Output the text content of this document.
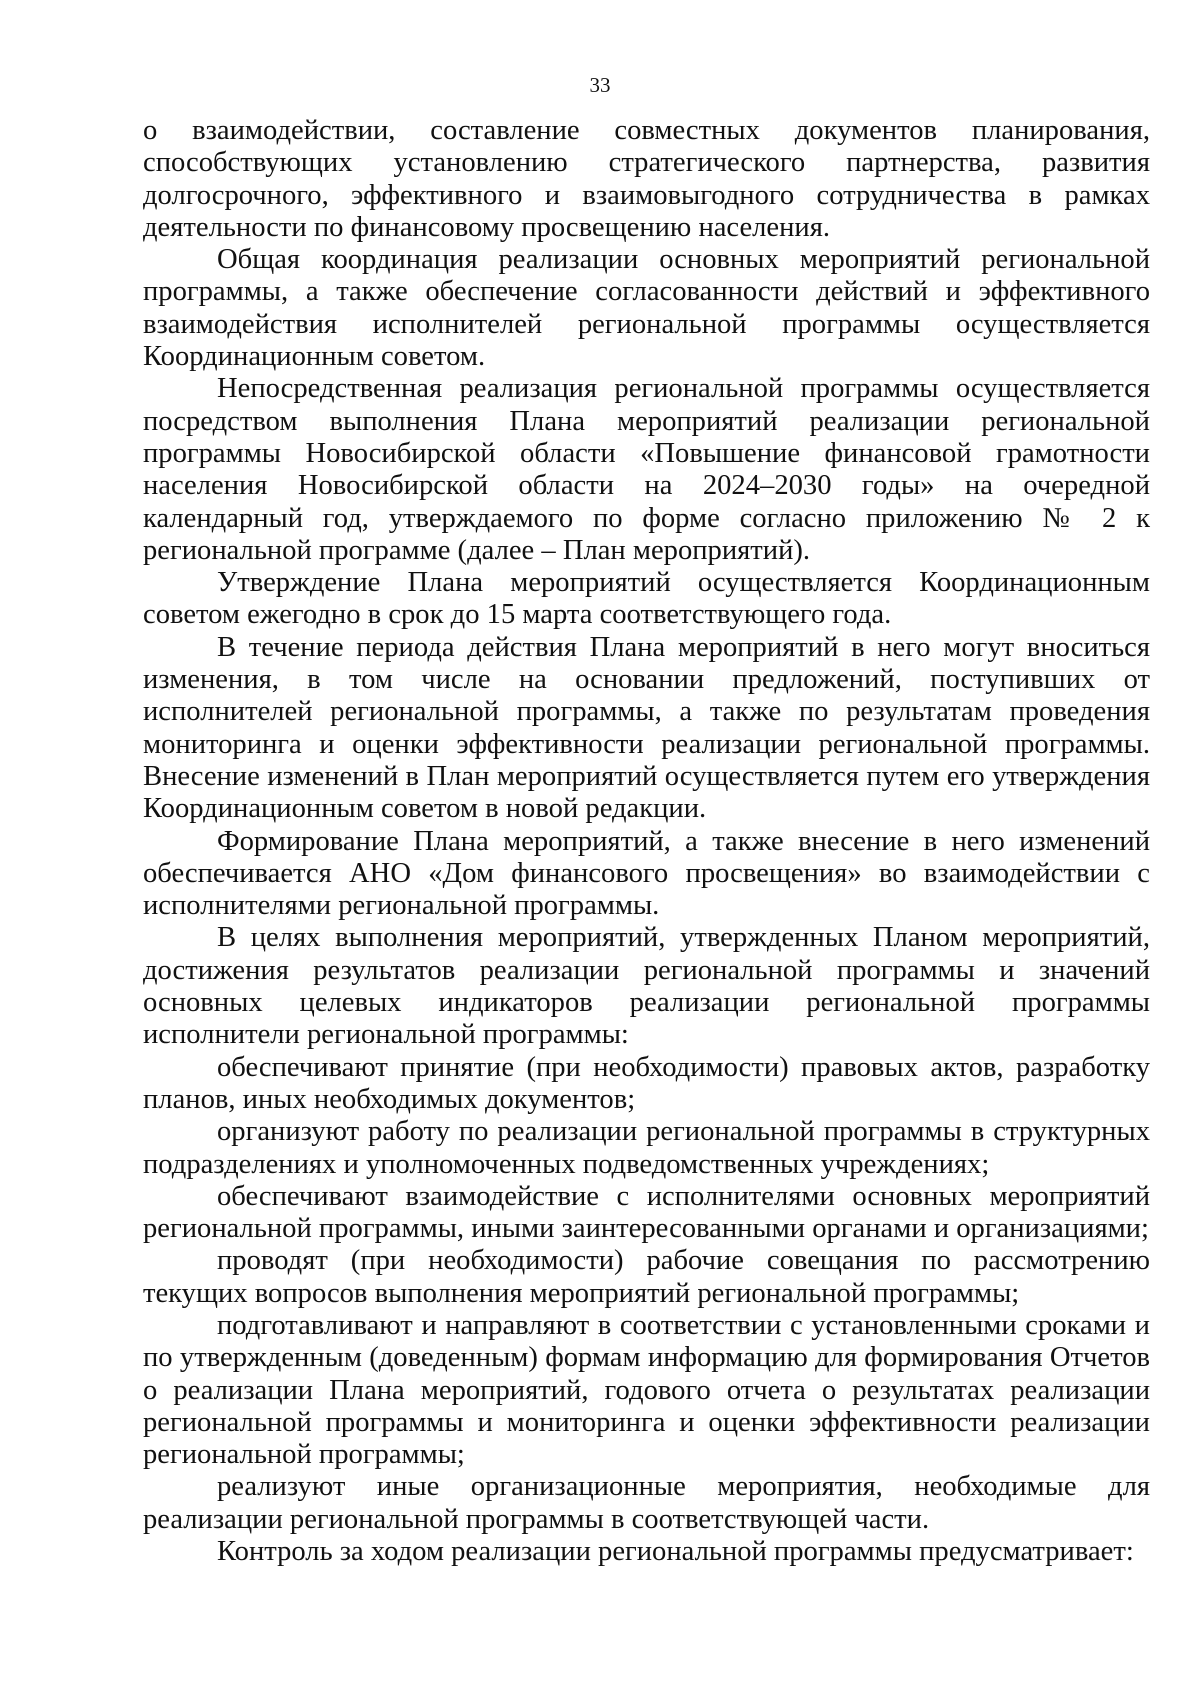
33

о взаимодействии, составление совместных документов планирования, способствующих установлению стратегического партнерства, развития долгосрочного, эффективного и взаимовыгодного сотрудничества в рамках деятельности по финансовому просвещению населения.

Общая координация реализации основных мероприятий региональной программы, а также обеспечение согласованности действий и эффективного взаимодействия исполнителей региональной программы осуществляется Координационным советом.

Непосредственная реализация региональной программы осуществляется посредством выполнения Плана мероприятий реализации региональной программы Новосибирской области «Повышение финансовой грамотности населения Новосибирской области на 2024–2030 годы» на очередной календарный год, утверждаемого по форме согласно приложению № 2 к региональной программе (далее – План мероприятий).

Утверждение Плана мероприятий осуществляется Координационным советом ежегодно в срок до 15 марта соответствующего года.

В течение периода действия Плана мероприятий в него могут вноситься изменения, в том числе на основании предложений, поступивших от исполнителей региональной программы, а также по результатам проведения мониторинга и оценки эффективности реализации региональной программы. Внесение изменений в План мероприятий осуществляется путем его утверждения Координационным советом в новой редакции.

Формирование Плана мероприятий, а также внесение в него изменений обеспечивается АНО «Дом финансового просвещения» во взаимодействии с исполнителями региональной программы.

В целях выполнения мероприятий, утвержденных Планом мероприятий, достижения результатов реализации региональной программы и значений основных целевых индикаторов реализации региональной программы исполнители региональной программы:

обеспечивают принятие (при необходимости) правовых актов, разработку планов, иных необходимых документов;

организуют работу по реализации региональной программы в структурных подразделениях и уполномоченных подведомственных учреждениях;

обеспечивают взаимодействие с исполнителями основных мероприятий региональной программы, иными заинтересованными органами и организациями;

проводят (при необходимости) рабочие совещания по рассмотрению текущих вопросов выполнения мероприятий региональной программы;

подготавливают и направляют в соответствии с установленными сроками и по утвержденным (доведенным) формам информацию для формирования Отчетов о реализации Плана мероприятий, годового отчета о результатах реализации региональной программы и мониторинга и оценки эффективности реализации региональной программы;

реализуют иные организационные мероприятия, необходимые для реализации региональной программы в соответствующей части.

Контроль за ходом реализации региональной программы предусматривает:
